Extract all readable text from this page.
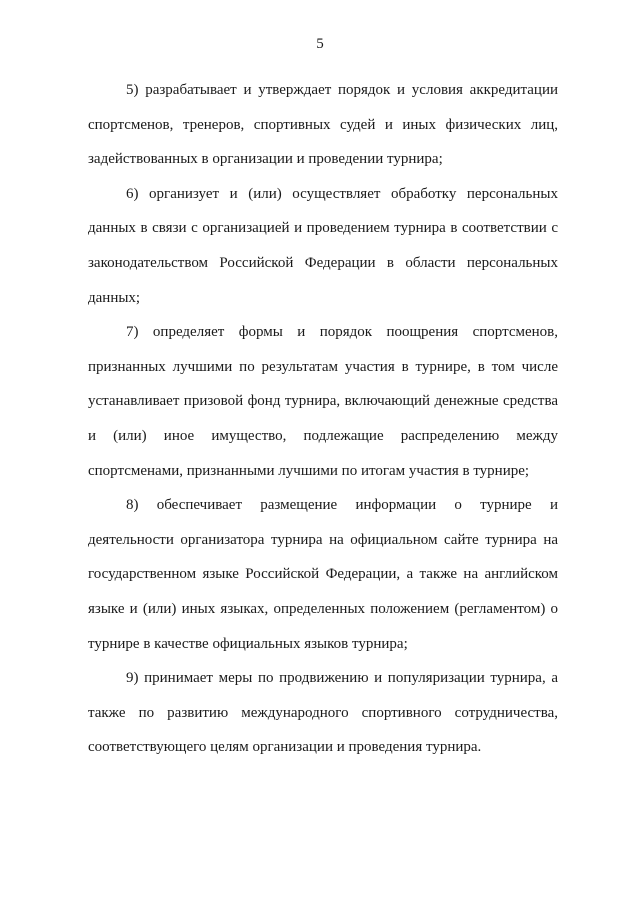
5

5) разрабатывает и утверждает порядок и условия аккредитации спортсменов, тренеров, спортивных судей и иных физических лиц, задействованных в организации и проведении турнира;

6) организует и (или) осуществляет обработку персональных данных в связи с организацией и проведением турнира в соответствии с законодательством Российской Федерации в области персональных данных;

7) определяет формы и порядок поощрения спортсменов, признанных лучшими по результатам участия в турнире, в том числе устанавливает призовой фонд турнира, включающий денежные средства и (или) иное имущество, подлежащие распределению между спортсменами, признанными лучшими по итогам участия в турнире;

8) обеспечивает размещение информации о турнире и деятельности организатора турнира на официальном сайте турнира на государственном языке Российской Федерации, а также на английском языке и (или) иных языках, определенных положением (регламентом) о турнире в качестве официальных языков турнира;

9) принимает меры по продвижению и популяризации турнира, а также по развитию международного спортивного сотрудничества, соответствующего целям организации и проведения турнира.
